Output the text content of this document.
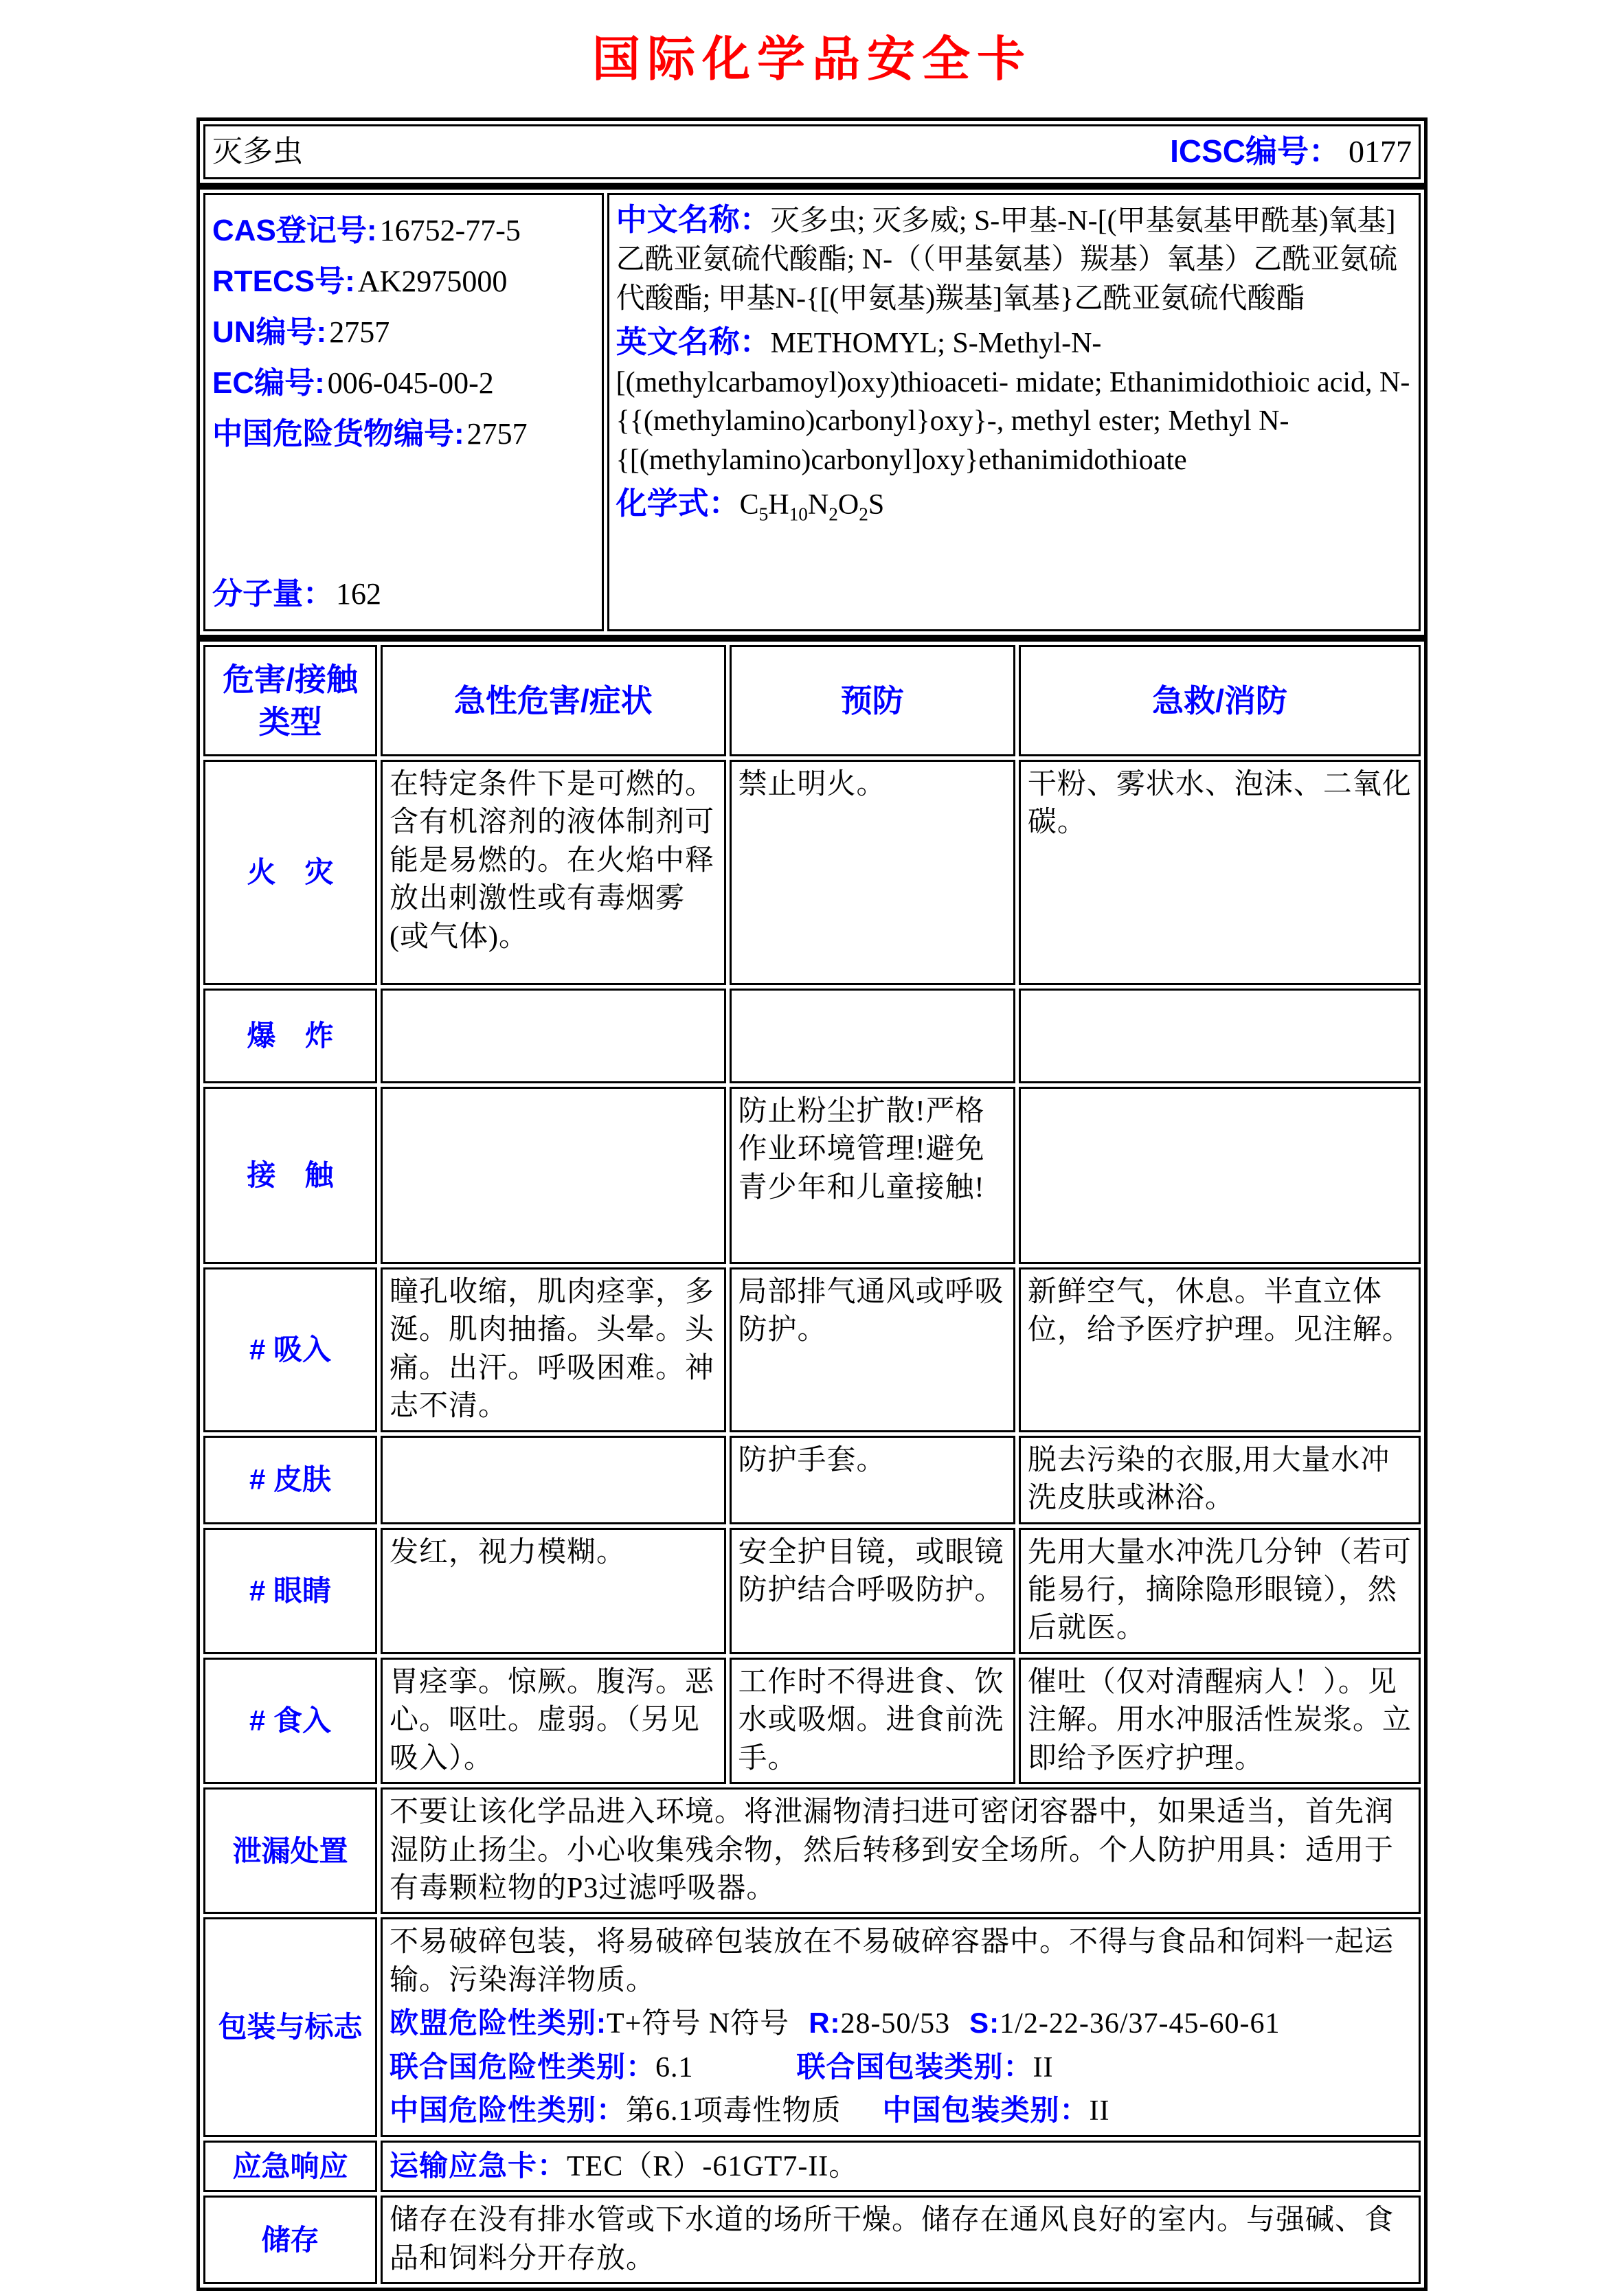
国际化学品安全卡
灭多虫	ICSC编号： 0177
CAS登记号:16752-77-5
RTECS号:AK2975000
UN编号:2757
EC编号:006-045-00-2
中国危险货物编号:2757
分子量：162

中文名称：灭多虫; 灭多威; S-甲基-N-[(甲基氨基甲酰基)氧基]乙酰亚氨硫代酸酯; N-（（甲基氨基）羰基）氧基）乙酰亚氨硫代酸酯; 甲基N-{[(甲氨基)羰基]氧基}乙酰亚氨硫代酸酯

英文名称：METHOMYL; S-Methyl-N-[(methylcarbamoyl)oxy)thioaceti- midate; Ethanimidothioic acid, N-{{(methylamino)carbonyl}oxy}-, methyl ester; Methyl N-{[(methylamino)carbonyl]oxy}ethanimidothioate

化学式：$C_5H_{10}N_2O_2S$

危害/接触
类型	急性危害/症状	预防	急救/消防

火　灾	在特定条件下是可燃的。含有机溶剂的液体制剂可能是易燃的。在火焰中释放出刺激性或有毒烟雾(或气体)。	禁止明火。	干粉、雾状水、泡沫、二氧化碳。
爆　炸			
接　触		防止粉尘扩散!严格作业环境管理!避免青少年和儿童接触!	
# 吸入	瞳孔收缩，肌肉痉挛，多涎。肌肉抽搐。头晕。头痛。出汗。呼吸困难。神志不清。	局部排气通风或呼吸防护。	新鲜空气，休息。半直立体位，给予医疗护理。见注解。
# 皮肤		防护手套。	脱去污染的衣服,用大量水冲洗皮肤或淋浴。
# 眼睛	发红，视力模糊。	安全护目镜，或眼镜防护结合呼吸防护。	先用大量水冲洗几分钟（若可能易行，摘除隐形眼镜），然后就医。
# 食入	胃痉挛。惊厥。腹泻。恶心。呕吐。虚弱。（另见吸入）。	工作时不得进食、饮水或吸烟。进食前洗手。	催吐（仅对清醒病人！）。见注解。用水冲服活性炭浆。立即给予医疗护理。
泄漏处置	不要让该化学品进入环境。将泄漏物清扫进可密闭容器中，如果适当，首先润湿防止扬尘。小心收集残余物，然后转移到安全场所。个人防护用具：适用于有毒颗粒物的P3过滤呼吸器。		
包装与标志	不易破碎包装，将易破碎包装放在不易破碎容器中。不得与食品和饲料一起运输。污染海洋物质。
欧盟危险性类别:T+符号 N符号 R:28-50/53 S:1/2-22-36/37-45-60-61
联合国危险性类别：6.1 联合国包装类别：II
中国危险性类别：第6.1项毒性物质 中国包装类别：II		

应急响应	运输应急卡：TEC（R）-61GT7-II。		
储存	储存在没有排水管或下水道的场所干燥。储存在通风良好的室内。与强碱、食品和饲料分开存放。		
